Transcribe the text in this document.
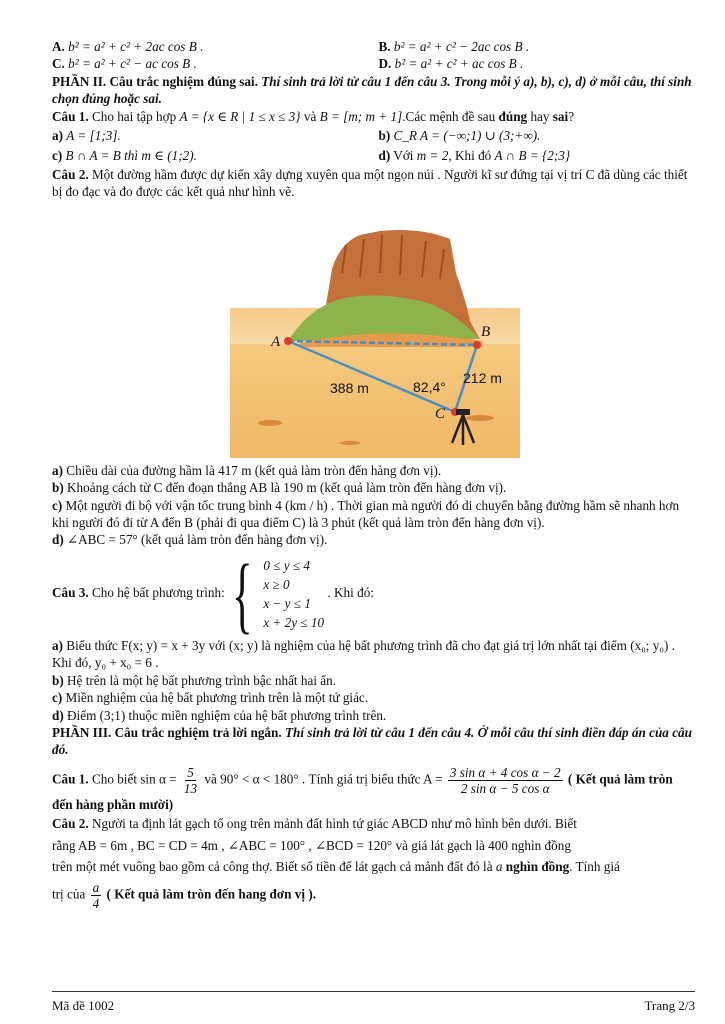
A. b² = a² + c² + 2ac cos B .	B. b² = a² + c² − 2ac cos B .
C. b² = a² + c² − ac cos B .	D. b² = a² + c² + ac cos B .

PHẦN II. Câu trắc nghiệm đúng sai. Thí sinh trả lời từ câu 1 đến câu 3. Trong mỗi ý a), b), c), d) ở mỗi câu, thí sinh chọn đúng hoặc sai.

Câu 1. Cho hai tập hợp A = {x ∈ R | 1 ≤ x ≤ 3} và B = [m; m + 1].Các mệnh đề sau đúng hay sai?

a) A = [1;3].	b) C_R A = (−∞;1) ∪ (3;+∞).
c) B ∩ A = B thì m ∈ (1;2).	d) Với m = 2, Khi đó A ∩ B = {2;3}

Câu 2. Một đường hầm được dự kiến xây dựng xuyên qua một ngọn núi . Người kĩ sư đứng tại vị trí C đã dùng các thiết bị đo đạc và đo được các kết quả như hình vẽ.

A
B
C
388 m
212 m
82,4°

a) Chiều dài của đường hầm là 417 m (kết quả làm tròn đến hàng đơn vị).

b) Khoảng cách từ C đến đoạn thẳng AB là 190 m (kết quả làm tròn đến hàng đơn vị).

c) Một người đi bộ với vận tốc trung bình 4 (km / h) . Thời gian mà người đó di chuyển bằng đường hầm sẽ nhanh hơn khi người đó đi từ A đến B (phải đi qua điểm C) là 3 phút (kết quả làm tròn đến hàng đơn vị).

d) ∠ABC = 57° (kết quả làm tròn đến hàng đơn vị).

Câu 3. Cho hệ bất phương trình: { 0 ≤ y ≤ 4
x ≥ 0
x − y ≤ 1
x + 2y ≤ 10
. Khi đó:

a) Biểu thức F(x; y) = x + 3y với (x; y) là nghiệm của hệ bất phương trình đã cho đạt giá trị lớn nhất tại điểm (x₀; y₀) . Khi đó, y₀ + x₀ = 6 .

b) Hệ trên là một hệ bất phương trình bậc nhất hai ẩn.

c) Miền nghiệm của hệ bất phương trình trên là một tứ giác.

d) Điểm (3;1) thuộc miền nghiệm của hệ bất phương trình trên.

PHẦN III. Câu trắc nghiệm trả lời ngắn. Thí sinh trả lời từ câu 1 đến câu 4. Ở mỗi câu thí sinh điền đáp án của câu đó.

Câu 1. Cho biết $\sin \alpha = \frac{5}{13}$ và 90° < α < 180° . Tính giá trị biểu thức $A = \frac{\text{3 sin α + 4 cos α − 2}}{\text{2 sin α − 5 cos α}}$ ( Kết quả làm tròn đến hàng phần mười)

Câu 2. Người ta định lát gạch tổ ong trên mảnh đất hình tứ giác ABCD như mô hình bên dưới. Biết

rằng AB = 6m , BC = CD = 4m , ∠ABC = 100° , ∠BCD = 120° và giá lát gạch là 400 nghìn đồng

trên một mét vuông bao gồm cả công thợ. Biết số tiền để lát gạch cả mảnh đất đó là a nghìn đồng. Tính giá

trị của $\frac{a}{4}$ ( Kết quả làm tròn đến hang đơn vị ).

Mã đề 1002	Trang 2/3
